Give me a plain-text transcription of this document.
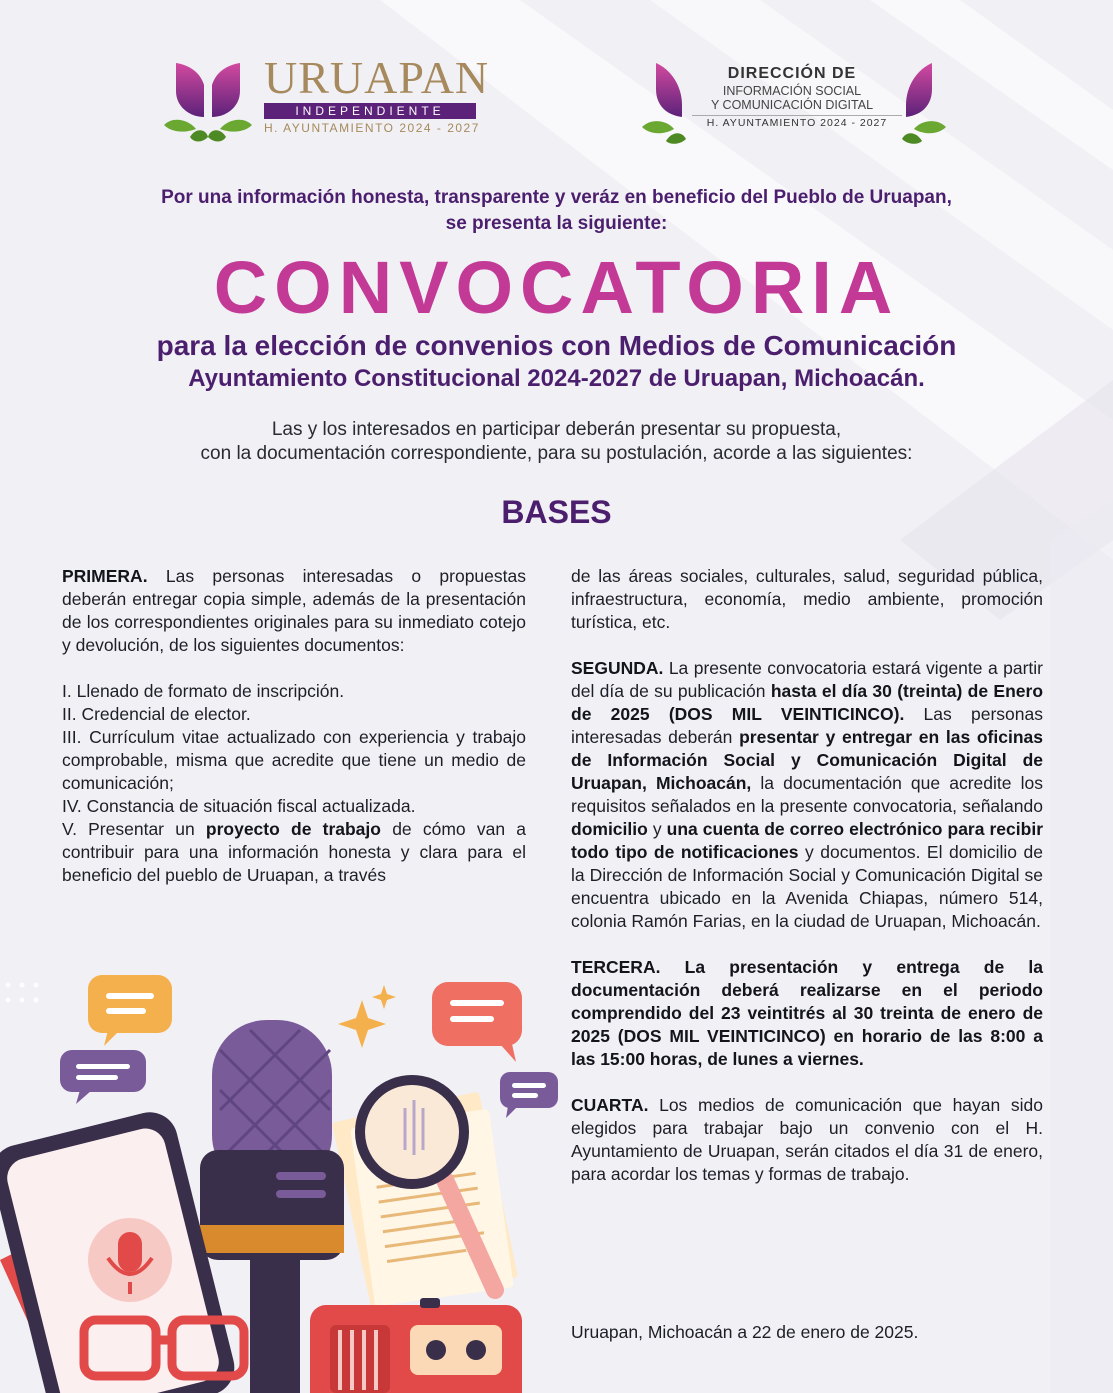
URUAPAN
INDEPENDIENTE
H. AYUNTAMIENTO 2024 - 2027
DIRECCIÓN DE
INFORMACIÓN SOCIAL
Y COMUNICACIÓN DIGITAL
H. AYUNTAMIENTO 2024 - 2027
Por una información honesta, transparente y veráz en beneficio del Pueblo de Uruapan,
se presenta la siguiente:
CONVOCATORIA
para la elección de convenios con Medios de Comunicación
Ayuntamiento Constitucional 2024-2027 de Uruapan, Michoacán.
Las y los interesados en participar deberán presentar su propuesta,
con la documentación correspondiente, para su postulación, acorde a las siguientes:
BASES

PRIMERA. Las personas interesadas o propuestas deberán entregar copia simple, además de la presentación de los correspondientes originales para su inmediato cotejo y devolución, de los siguientes documentos:

I. Llenado de formato de inscripción.

II. Credencial de elector.

III. Currículum vitae actualizado con experiencia y trabajo comprobable, misma que acredite que tiene un medio de comunicación;

IV. Constancia de situación fiscal actualizada.

V. Presentar un proyecto de trabajo de cómo van a contribuir para una información honesta y clara para el beneficio del pueblo de Uruapan, a través

de las áreas sociales, culturales, salud, seguridad pública, infraestructura, economía, medio ambiente, promoción turística, etc.

SEGUNDA. La presente convocatoria estará vigente a partir del día de su publicación hasta el día 30 (treinta) de Enero de 2025 (DOS MIL VEINTICINCO). Las personas interesadas deberán presentar y entregar en las oficinas de Información Social y Comunicación Digital de Uruapan, Michoacán, la documentación que acredite los requisitos señalados en la presente convocatoria, señalando domicilio y una cuenta de correo electrónico para recibir todo tipo de notificaciones y documentos. El domicilio de la Dirección de Información Social y Comunicación Digital se encuentra ubicado en la Avenida Chiapas, número 514, colonia Ramón Farias, en la ciudad de Uruapan, Michoacán.

TERCERA. La presentación y entrega de la documentación deberá realizarse en el periodo comprendido del 23 veintitrés al 30 treinta de enero de 2025 (DOS MIL VEINTICINCO) en horario de las 8:00 a las 15:00 horas, de lunes a viernes.

CUARTA. Los medios de comunicación que hayan sido elegidos para trabajar bajo un convenio con el H. Ayuntamiento de Uruapan, serán citados el día 31 de enero, para acordar los temas y formas de trabajo.

Uruapan, Michoacán a 22 de enero de 2025.
